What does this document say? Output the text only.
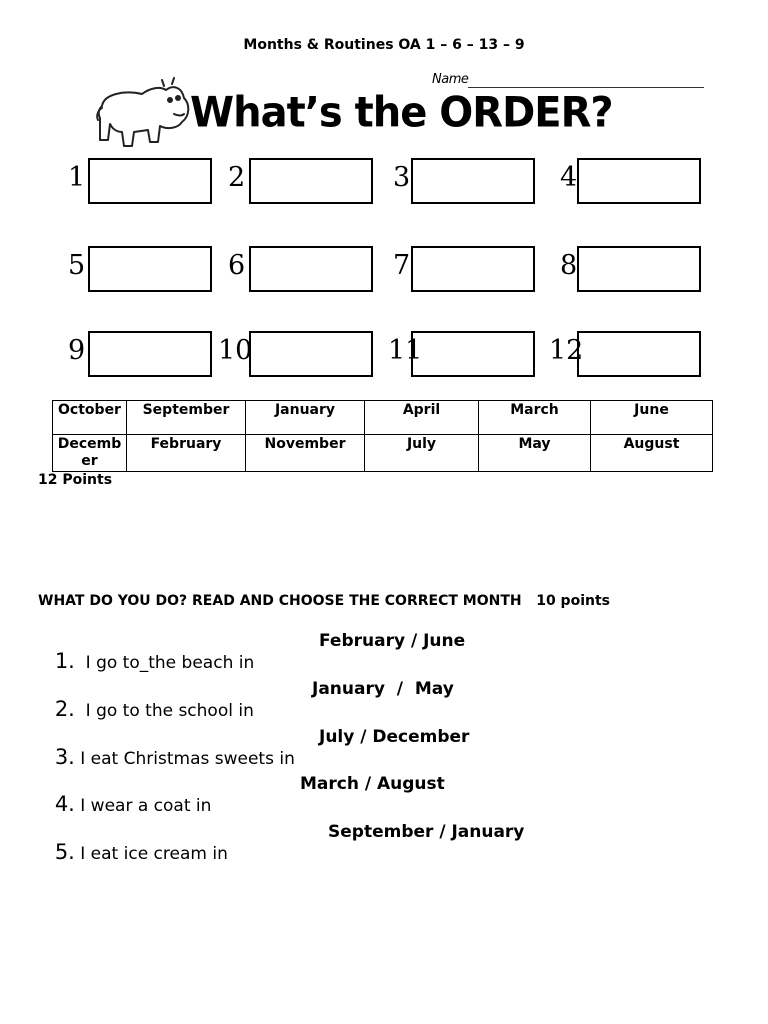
Months & Routines OA 1 – 6 – 13 – 9
Name
What’s the ORDER?
1	2	3	4
5	6	7	8
9	10	11	12
October	September	January	April	March	June
Decemb er	February	November	July	May	August
12 Points
WHAT DO YOU DO? READ AND CHOOSE THE CORRECT MONTH   10 points

1.  I go to_the beach in

February / June

2.  I go to the school in

January  /  May

3. I eat Christmas sweets in

July / December

4. I wear a coat in

March / August

5. I eat ice cream in

September / January
